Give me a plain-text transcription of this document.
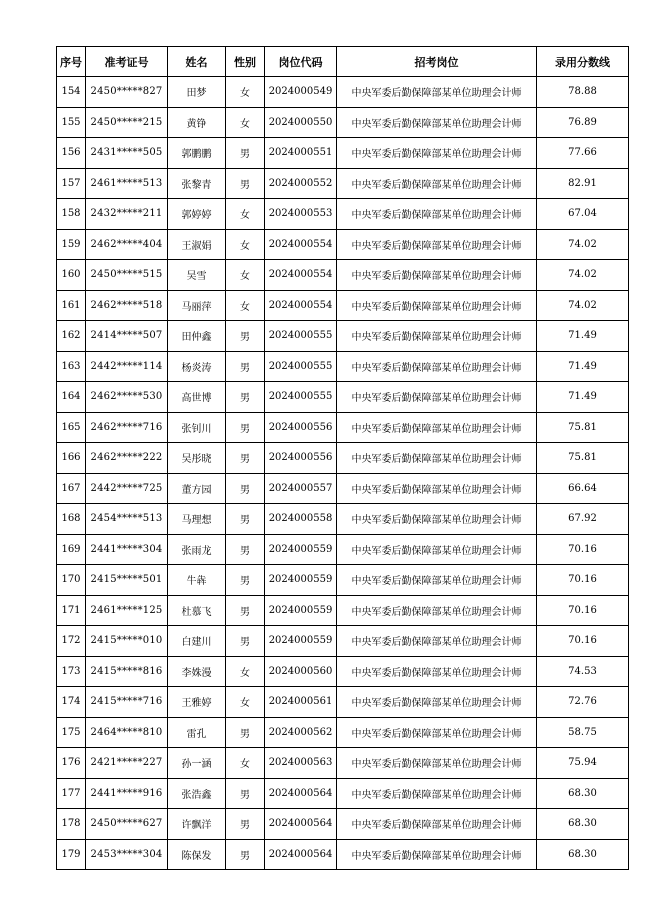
序号	准考证号	姓名	性别	岗位代码	招考岗位	录用分数线
154	2450*****827	田梦	女	2024000549	中央军委后勤保障部某单位助理会计师	78.88
155	2450*****215	黄铮	女	2024000550	中央军委后勤保障部某单位助理会计师	76.89
156	2431*****505	郭鹏鹏	男	2024000551	中央军委后勤保障部某单位助理会计师	77.66
157	2461*****513	张黎青	男	2024000552	中央军委后勤保障部某单位助理会计师	82.91
158	2432*****211	郭婷婷	女	2024000553	中央军委后勤保障部某单位助理会计师	67.04
159	2462*****404	王淑娟	女	2024000554	中央军委后勤保障部某单位助理会计师	74.02
160	2450*****515	吴雪	女	2024000554	中央军委后勤保障部某单位助理会计师	74.02
161	2462*****518	马丽萍	女	2024000554	中央军委后勤保障部某单位助理会计师	74.02
162	2414*****507	田仲鑫	男	2024000555	中央军委后勤保障部某单位助理会计师	71.49
163	2442*****114	杨炎涛	男	2024000555	中央军委后勤保障部某单位助理会计师	71.49
164	2462*****530	高世博	男	2024000555	中央军委后勤保障部某单位助理会计师	71.49
165	2462*****716	张钊川	男	2024000556	中央军委后勤保障部某单位助理会计师	75.81
166	2462*****222	吴彤晓	男	2024000556	中央军委后勤保障部某单位助理会计师	75.81
167	2442*****725	董方园	男	2024000557	中央军委后勤保障部某单位助理会计师	66.64
168	2454*****513	马理想	男	2024000558	中央军委后勤保障部某单位助理会计师	67.92
169	2441*****304	张雨龙	男	2024000559	中央军委后勤保障部某单位助理会计师	70.16
170	2415*****501	牛犇	男	2024000559	中央军委后勤保障部某单位助理会计师	70.16
171	2461*****125	杜慕飞	男	2024000559	中央军委后勤保障部某单位助理会计师	70.16
172	2415*****010	白建川	男	2024000559	中央军委后勤保障部某单位助理会计师	70.16
173	2415*****816	李姝漫	女	2024000560	中央军委后勤保障部某单位助理会计师	74.53
174	2415*****716	王雅婷	女	2024000561	中央军委后勤保障部某单位助理会计师	72.76
175	2464*****810	雷孔	男	2024000562	中央军委后勤保障部某单位助理会计师	58.75
176	2421*****227	孙一涵	女	2024000563	中央军委后勤保障部某单位助理会计师	75.94
177	2441*****916	张浩鑫	男	2024000564	中央军委后勤保障部某单位助理会计师	68.30
178	2450*****627	许飘洋	男	2024000564	中央军委后勤保障部某单位助理会计师	68.30
179	2453*****304	陈保发	男	2024000564	中央军委后勤保障部某单位助理会计师	68.30
